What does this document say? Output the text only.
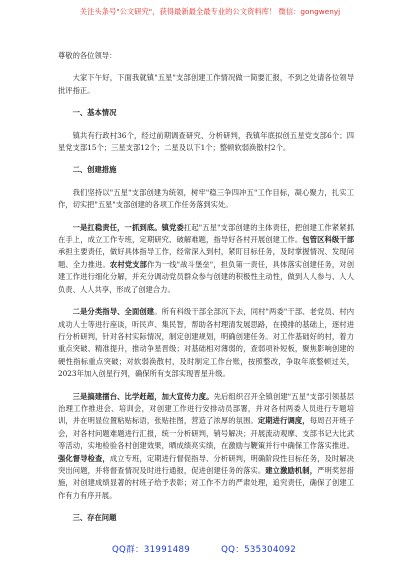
关注头条号"公文研究"，获得最新最全最专业的公文资料库！ 微信：gongwenyj

尊敬的各位领导：

大家下午好，下面我就镇"五星"支部创建工作情况做一简要汇报，不到之处请各位领导批评指正。

一、基本情况

镇共有行政村36个，经过前期调查研究、分析研判，我镇年底拟创五星党支部6个；四星党支部15个；三星支部12个；二星及以下1个；整顿软弱涣散村2个。

二、创建措施

我们坚持以"五星"支部创建为统领，树牢"稳三争四冲五"工作目标，凝心聚力，扎实工作，切实把"五星"支部创建的各项工作任务落到实处。

一是扛稳责任，一抓到底。镇党委扛起"五星"支部创建的主体责任，把创建工作紧紧抓在手上，成立工作专班，定期研究、破解难题，指导好各村开展创建工作。包管区科级干部承担主要责任，做好具体指导工作，经常深入到村，紧盯目标任务，及时掌握情况、发现问题、全力推进。农村党支部作为一线"战斗堡垒"，担负第一责任，具体落实创建任务，对创建工作进行细化分解，并充分调动党员群众参与创建的积极性主动性，做到人人参与、人人负责、人人共享，形成了创建合力。

二是分类指导、全面创建。所有科级干部全部沉下去，同村"两委"干部、老党员、村内成功人士等进行座谈，听民声、集民智，帮助各村理清发展思路，在摸排的基础上，逐村进行分析研判，针对各村实际情况，制定创建规划，明确创建任务。对工作基础好的村，着力重点突破、精准提升，推动争星晋级；对基础相对薄弱的，查弱项补短板，聚焦影响创建的硬性指标重点突破；对软弱涣散村，及时制定工作台账，按照整改，争取年底整顿过关，2023年加入创星行列，确保所有支部实现晋星升级。

三是搞建擂台、比学赶超，加大宣传力度。先后组织召开全镇创建"五星"支部引领基层治理工作推进会、培训会，对创建工作进行安排动员部署，并对各村两委人员进行专题培训，并在明显位置粘贴标语，张贴挂图，营造了浓厚的氛围。定期进行调度，每周召开班子会，对各村问题难题进行汇报，统一分析研判，销号解决；开展流动观摩、支部书记大比武等活动，实地检验各村创建效果，晒成绩亮实绩，在激励与鞭策并行中确保工作落实推进。强化督导检查，成立专班，定期进行督促指导、分析研判，明确阶段性目标任务，及时解决突出问题，并将督查情况及时进行通报，促进创建任务的落实。建立激励机制，严明奖惩措施，对创建成绩显著的村班子给予表彰；对工作不力的严肃处理，追究责任，确保了创建工作有力有序开展。

三、存在问题

QQ群：31991489	QQ：535304092
